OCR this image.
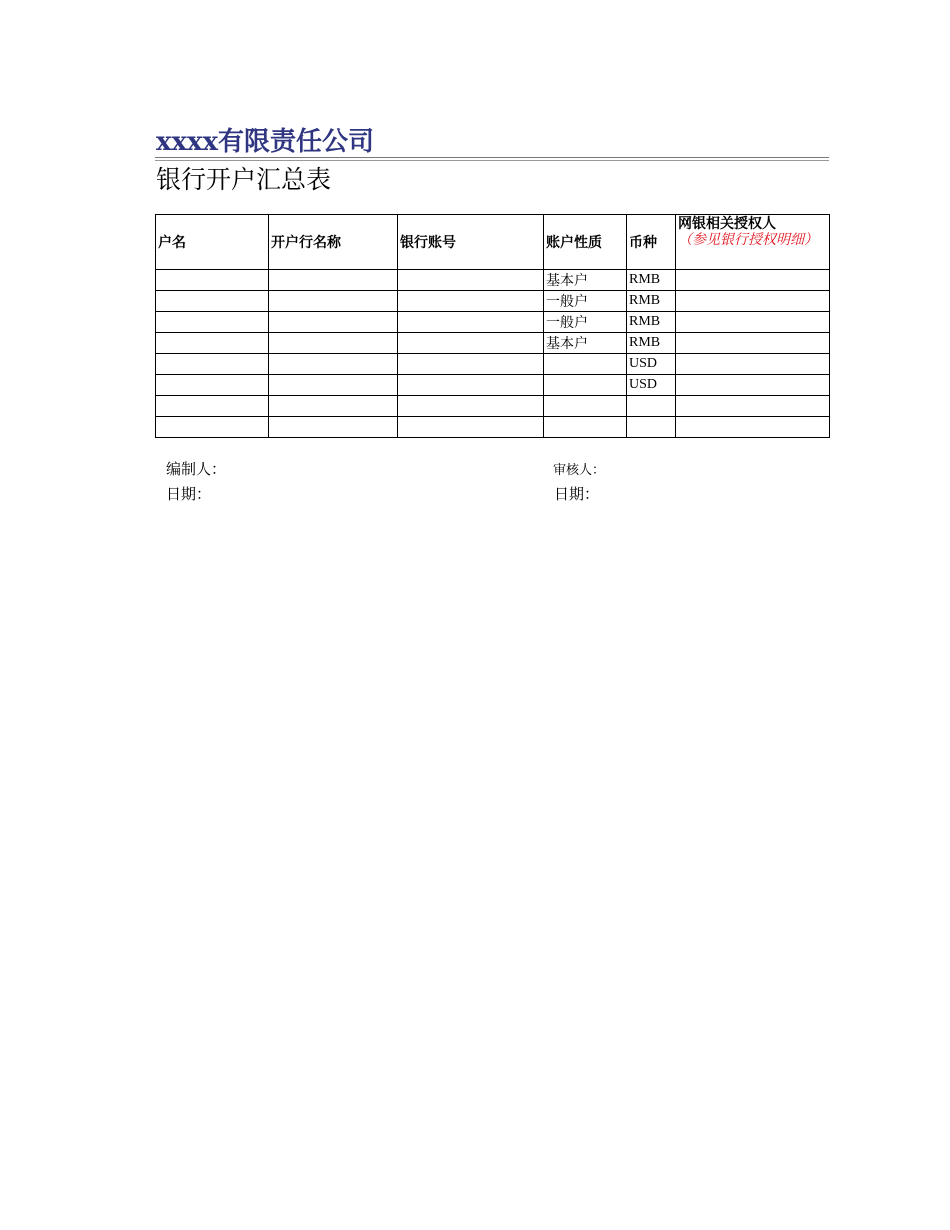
xxxx有限责任公司
银行开户汇总表
户名	开户行名称	银行账号	账户性质	币种	网银相关授权人
（参见银行授权明细）

			基本户	RMB	
			一般户	RMB	
			一般户	RMB	
			基本户	RMB	
				USD	
				USD	

编制人：	审核人：
日期：	日期：
